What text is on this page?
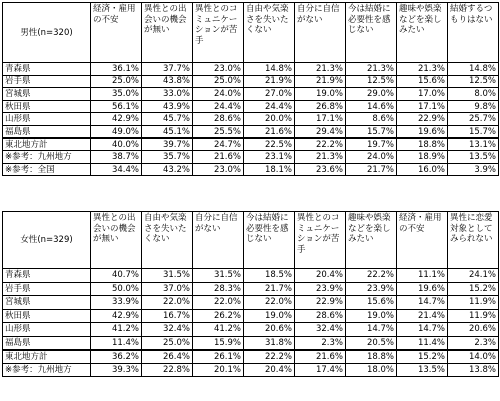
男性(n=320)	経済・雇用の不安	異性との出会いの機会が無い	異性とのコミュニケーションが苦手	自由や気楽さを失いたくない	自分に自信がない	今は結婚に必要性を感じない	趣味や娯楽などを楽しみたい	結婚するつもりはない
青森県	36.1%	37.7%	23.0%	14.8%	21.3%	21.3%	21.3%	14.8%
岩手県	25.0%	43.8%	25.0%	21.9%	21.9%	12.5%	15.6%	12.5%
宮城県	35.0%	33.0%	24.0%	27.0%	19.0%	29.0%	17.0%	8.0%
秋田県	56.1%	43.9%	24.4%	24.4%	26.8%	14.6%	17.1%	9.8%
山形県	42.9%	45.7%	28.6%	20.0%	17.1%	8.6%	22.9%	25.7%
福島県	49.0%	45.1%	25.5%	21.6%	29.4%	15.7%	19.6%	15.7%
東北地方計	40.0%	39.7%	24.7%	22.5%	22.2%	19.7%	18.8%	13.1%
※参考：九州地方	38.7%	35.7%	21.6%	23.1%	21.3%	24.0%	18.9%	13.5%
※参考：全国	34.4%	43.2%	23.0%	18.1%	23.6%	21.7%	16.0%	3.9%
女性(n=329)	異性との出会いの機会が無い	自由や気楽さを失いたくない	自分に自信がない	今は結婚に必要性を感じない	異性とのコミュニケーションが苦手	趣味や娯楽などを楽しみたい	経済・雇用の不安	異性に恋愛対象としてみられない
青森県	40.7%	31.5%	31.5%	18.5%	20.4%	22.2%	11.1%	24.1%
岩手県	50.0%	37.0%	28.3%	21.7%	23.9%	23.9%	19.6%	15.2%
宮城県	33.9%	22.0%	22.0%	22.0%	22.9%	15.6%	14.7%	11.9%
秋田県	42.9%	16.7%	26.2%	19.0%	28.6%	19.0%	21.4%	11.9%
山形県	41.2%	32.4%	41.2%	20.6%	32.4%	14.7%	14.7%	20.6%
福島県	11.4%	25.0%	15.9%	31.8%	2.3%	20.5%	11.4%	2.3%
東北地方計	36.2%	26.4%	26.1%	22.2%	21.6%	18.8%	15.2%	14.0%
※参考：九州地方	39.3%	22.8%	20.1%	20.4%	17.4%	18.0%	13.5%	13.8%
